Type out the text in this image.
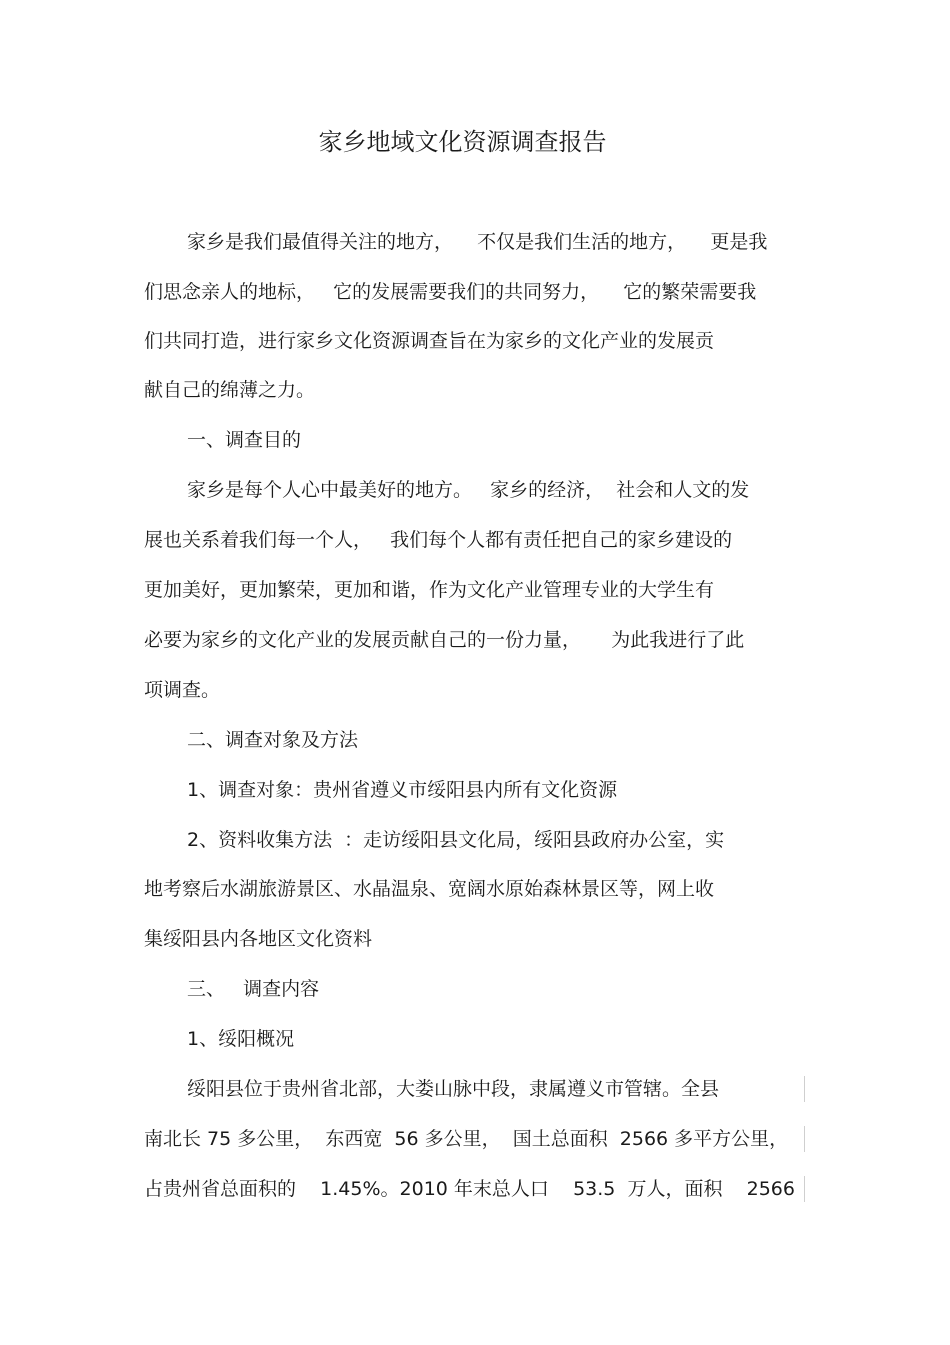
家乡地域文化资源调查报告

家乡是我们最值得关注的地方，    不仅是我们生活的地方，    更是我

们思念亲人的地标，   它的发展需要我们的共同努力，    它的繁荣需要我

们共同打造，进行家乡文化资源调查旨在为家乡的文化产业的发展贡

献自己的绵薄之力。

一、调查目的

家乡是每个人心中最美好的地方。   家乡的经济，  社会和人文的发

展也关系着我们每一个人，   我们每个人都有责任把自己的家乡建设的

更加美好，更加繁荣，更加和谐，作为文化产业管理专业的大学生有

必要为家乡的文化产业的发展贡献自己的一份力量，     为此我进行了此

项调查。

二、调查对象及方法

1、调查对象：贵州省遵义市绥阳县内所有文化资源

2、资料收集方法  ：走访绥阳县文化局，绥阳县政府办公室，实

地考察后水湖旅游景区、水晶温泉、宽阔水原始森林景区等，网上收

集绥阳县内各地区文化资料

三、   调查内容

1、绥阳概况

绥阳县位于贵州省北部，大娄山脉中段，隶属遵义市管辖。全县

南北长 75 多公里，  东西宽  56 多公里，  国土总面积  2566 多平方公里，

占贵州省总面积的    1.45%。2010 年末总人口    53.5  万人，面积    2566
